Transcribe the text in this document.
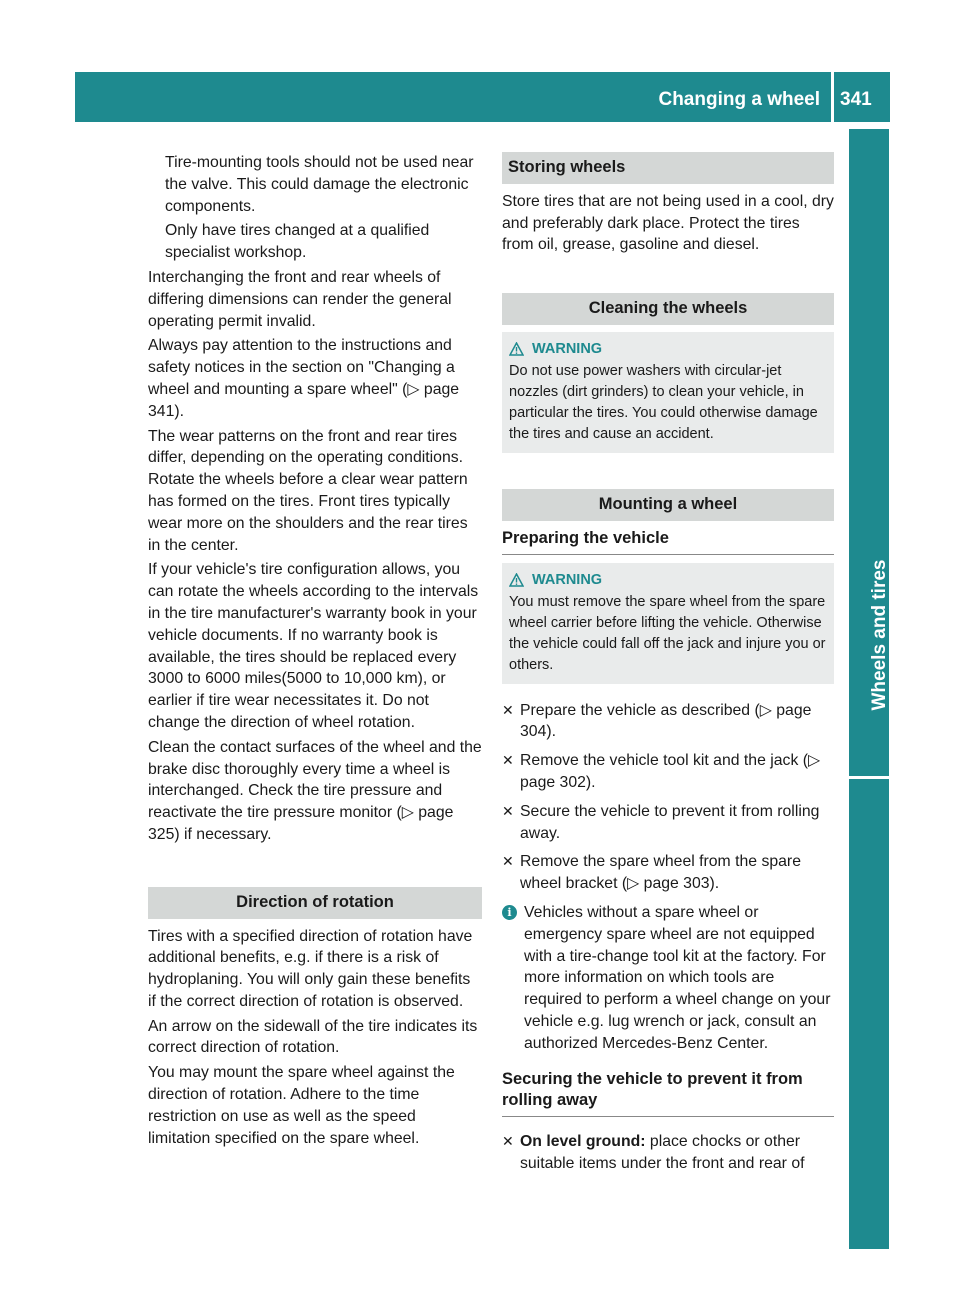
Changing a wheel 341
Wheels and tires

Tire-mounting tools should not be used near the valve. This could damage the electronic components.

Only have tires changed at a qualified specialist workshop.

Interchanging the front and rear wheels of differing dimensions can render the general operating permit invalid.

Always pay attention to the instructions and safety notices in the section on "Changing a wheel and mounting a spare wheel" (▷ page 341).

The wear patterns on the front and rear tires differ, depending on the operating conditions. Rotate the wheels before a clear wear pattern has formed on the tires. Front tires typically wear more on the shoulders and the rear tires in the center.

If your vehicle's tire configuration allows, you can rotate the wheels according to the intervals in the tire manufacturer's warranty book in your vehicle documents. If no warranty book is available, the tires should be replaced every 3000 to 6000 miles(5000 to 10,000 km), or earlier if tire wear necessitates it. Do not change the direction of wheel rotation.

Clean the contact surfaces of the wheel and the brake disc thoroughly every time a wheel is interchanged. Check the tire pressure and reactivate the tire pressure monitor (▷ page 325) if necessary.

Direction of rotation

Tires with a specified direction of rotation have additional benefits, e.g. if there is a risk of hydroplaning. You will only gain these benefits if the correct direction of rotation is observed.

An arrow on the sidewall of the tire indicates its correct direction of rotation.

You may mount the spare wheel against the direction of rotation. Adhere to the time restriction on use as well as the speed limitation specified on the spare wheel.

Storing wheels

Store tires that are not being used in a cool, dry and preferably dark place. Protect the tires from oil, grease, gasoline and diesel.

Cleaning the wheels
WARNING
Do not use power washers with circular-jet nozzles (dirt grinders) to clean your vehicle, in particular the tires. You could otherwise damage the tires and cause an accident.
Mounting a wheel
Preparing the vehicle
WARNING
You must remove the spare wheel from the spare wheel carrier before lifting the vehicle. Otherwise the vehicle could fall off the jack and injure you or others.
✕ Prepare the vehicle as described (▷ page 304).
✕ Remove the vehicle tool kit and the jack (▷ page 302).
✕ Secure the vehicle to prevent it from rolling away.
✕ Remove the spare wheel from the spare wheel bracket (▷ page 303).
i Vehicles without a spare wheel or emergency spare wheel are not equipped with a tire-change tool kit at the factory. For more information on which tools are required to perform a wheel change on your vehicle e.g. lug wrench or jack, consult an authorized Mercedes-Benz Center.
Securing the vehicle to prevent it from rolling away
✕ On level ground: place chocks or other suitable items under the front and rear of
